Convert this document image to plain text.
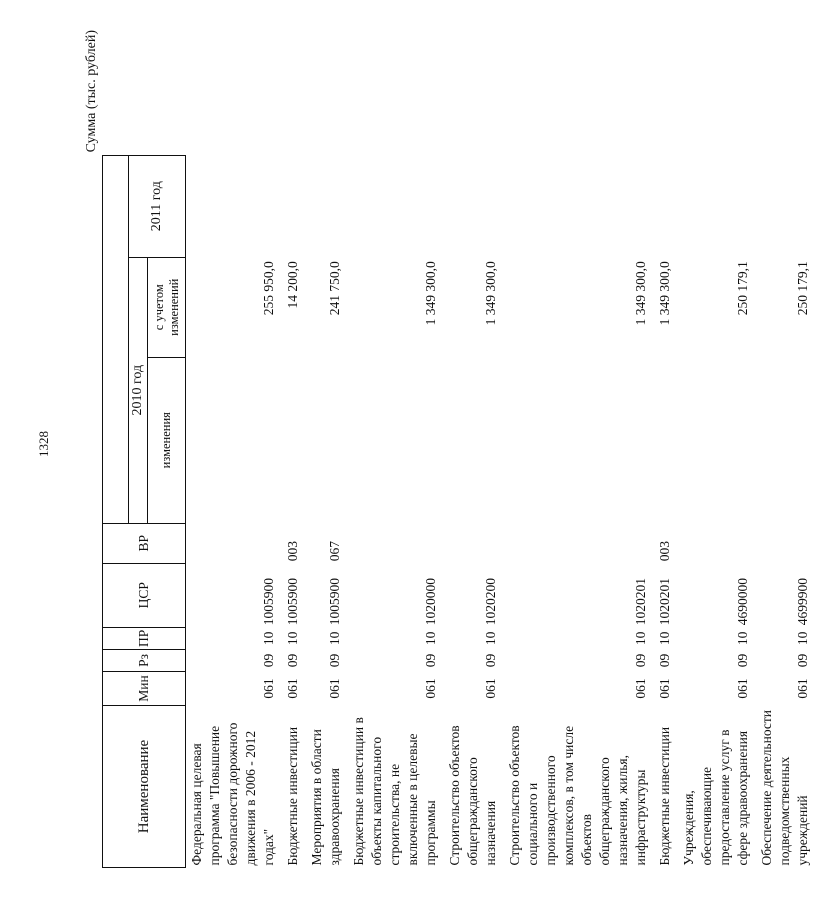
1328
Сумма (тыс. рублей)
Наименование	Мин	Рз	ПР	ЦСР	ВР			
						2010 год		2011 год
						изменения	с учетом изменений	
Федеральная целевая программа "Повышение безопасности дорожного движения в 2006 - 2012 годах"	061	09	10	1005900			255 950,0	
Бюджетные инвестиции	061	09	10	1005900	003		14 200,0	
Мероприятия в области здравоохранения	061	09	10	1005900	067		241 750,0	
Бюджетные инвестиции в объекты капитального строительства, не включенные в целевые программы	061	09	10	1020000			1 349 300,0	
Строительство объектов общегражданского назначения	061	09	10	1020200			1 349 300,0	
Строительство объектов социального и производственного комплексов, в том числе объектов общегражданского назначения, жилья, инфраструктуры	061	09	10	1020201			1 349 300,0	
Бюджетные инвестиции	061	09	10	1020201	003		1 349 300,0	
Учреждения, обеспечивающие предоставление услуг в сфере здравоохранения	061	09	10	4690000			250 179,1	
Обеспечение деятельности подведомственных учреждений	061	09	10	4699900			250 179,1	
